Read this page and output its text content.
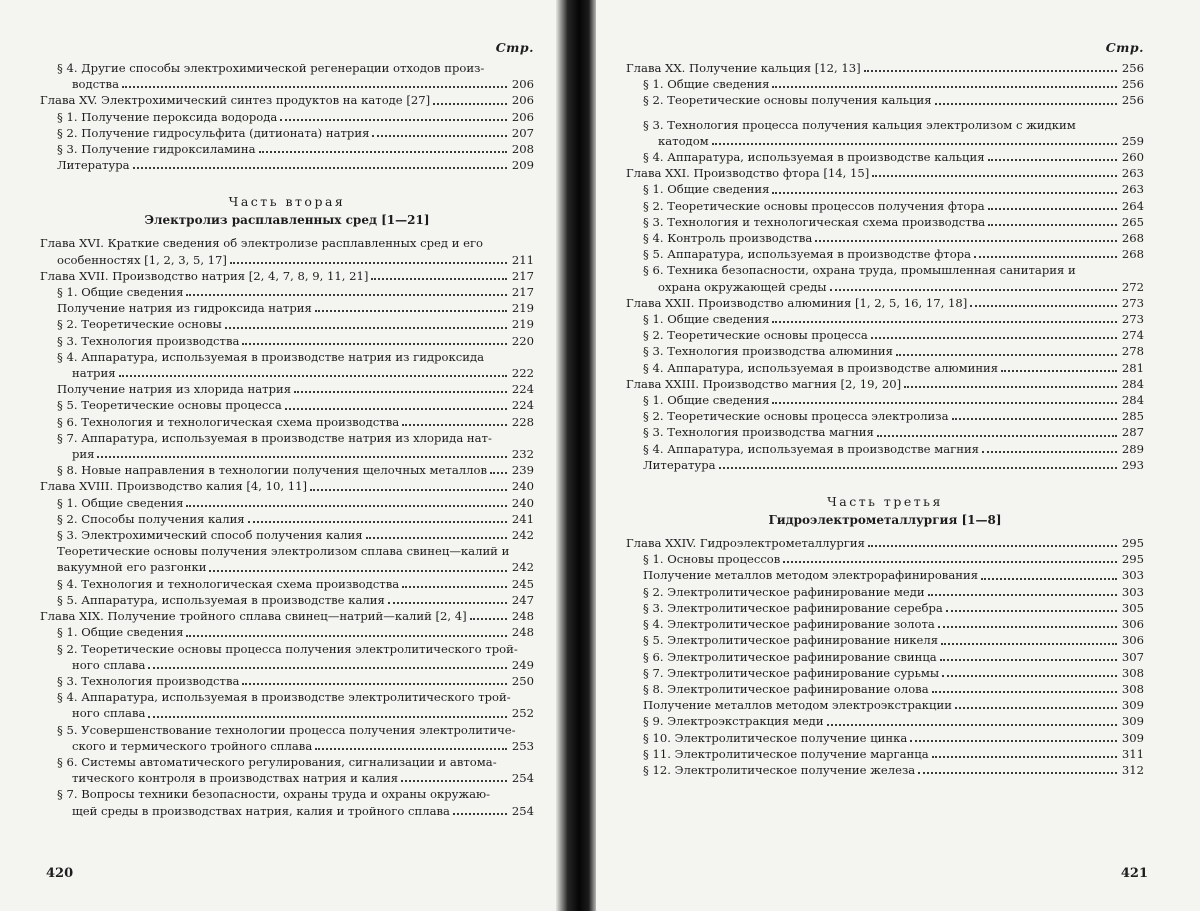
Стр.
§ 4. Другие способы электрохимической регенерации отходов произ-
водства	206
Глава XV. Электрохимический синтез продуктов на катоде [27]	206
§ 1. Получение пероксида водорода	206
§ 2. Получение гидросульфита (дитионата) натрия	207
§ 3. Получение гидроксиламина	208
Литература	209
Часть вторая
Электролиз расплавленных сред [1—21]
Глава XVI. Краткие сведения об электролизе расплавленных сред и его
особенностях [1, 2, 3, 5, 17]	211
Глава XVII. Производство натрия [2, 4, 7, 8, 9, 11, 21]	217
§ 1. Общие сведения	217
Получение натрия из гидроксида натрия	219
§ 2. Теоретические основы	219
§ 3. Технология производства	220
§ 4. Аппаратура, используемая в производстве натрия из гидроксида
натрия	222
Получение натрия из хлорида натрия	224
§ 5. Теоретические основы процесса	224
§ 6. Технология и технологическая схема производства	228
§ 7. Аппаратура, используемая в производстве натрия из хлорида нат-
рия	232
§ 8. Новые направления в технологии получения щелочных металлов 239
Глава XVIII. Производство калия [4, 10, 11]	240
§ 1. Общие сведения	240
§ 2. Способы получения калия	241
§ 3. Электрохимический способ получения калия	242
Теоретические основы получения электролизом сплава свинец—калий и
вакуумной его разгонки	242
§ 4. Технология и технологическая схема производства	245
§ 5. Аппаратура, используемая в производстве калия	247
Глава XIX. Получение тройного сплава свинец—натрий—калий [2, 4]	248
§ 1. Общие сведения	248
§ 2. Теоретические основы процесса получения электролитического трой-
ного сплава	249
§ 3. Технология производства	250
§ 4. Аппаратура, используемая в производстве электролитического трой-
ного сплава	252
§ 5. Усовершенствование технологии процесса получения электролитиче-
ского и термического тройного сплава	253
§ 6. Системы автоматического регулирования, сигнализации и автома-
тического контроля в производствах натрия и калия	254
§ 7. Вопросы техники безопасности, охраны труда и охраны окружаю-
щей среды в производствах натрия, калия и тройного сплава	254
420
Стр.
Глава XX. Получение кальция [12, 13]	256
§ 1. Общие сведения	256
§ 2. Теоретические основы получения кальция	256
§ 3. Технология процесса получения кальция электролизом с жидким
катодом	259
§ 4. Аппаратура, используемая в производстве кальция	260
Глава XXI. Производство фтора [14, 15]	263
§ 1. Общие сведения	263
§ 2. Теоретические основы процессов получения фтора	264
§ 3. Технология и технологическая схема производства	265
§ 4. Контроль производства	268
§ 5. Аппаратура, используемая в производстве фтора	268
§ 6. Техника безопасности, охрана труда, промышленная санитария и
охрана окружающей среды	272
Глава XXII. Производство алюминия [1, 2, 5, 16, 17, 18]	273
§ 1. Общие сведения	273
§ 2. Теоретические основы процесса	274
§ 3. Технология производства алюминия	278
§ 4. Аппаратура, используемая в производстве алюминия	281
Глава XXIII. Производство магния [2, 19, 20]	284
§ 1. Общие сведения	284
§ 2. Теоретические основы процесса электролиза	285
§ 3. Технология производства магния	287
§ 4. Аппаратура, используемая в производстве магния	289
Литература	293
Часть третья
Гидроэлектрометаллургия [1—8]
Глава XXIV. Гидроэлектрометаллургия	295
§ 1. Основы процессов	295
Получение металлов методом электрорафинирования	303
§ 2. Электролитическое рафинирование меди	303
§ 3. Электролитическое рафинирование серебра	305
§ 4. Электролитическое рафинирование золота	306
§ 5. Электролитическое рафинирование никеля	306
§ 6. Электролитическое рафинирование свинца	307
§ 7. Электролитическое рафинирование сурьмы	308
§ 8. Электролитическое рафинирование олова	308
Получение металлов методом электроэкстракции	309
§ 9. Электроэкстракция меди	309
§ 10. Электролитическое получение цинка	309
§ 11. Электролитическое получение марганца	311
§ 12. Электролитическое получение железа	312
421
